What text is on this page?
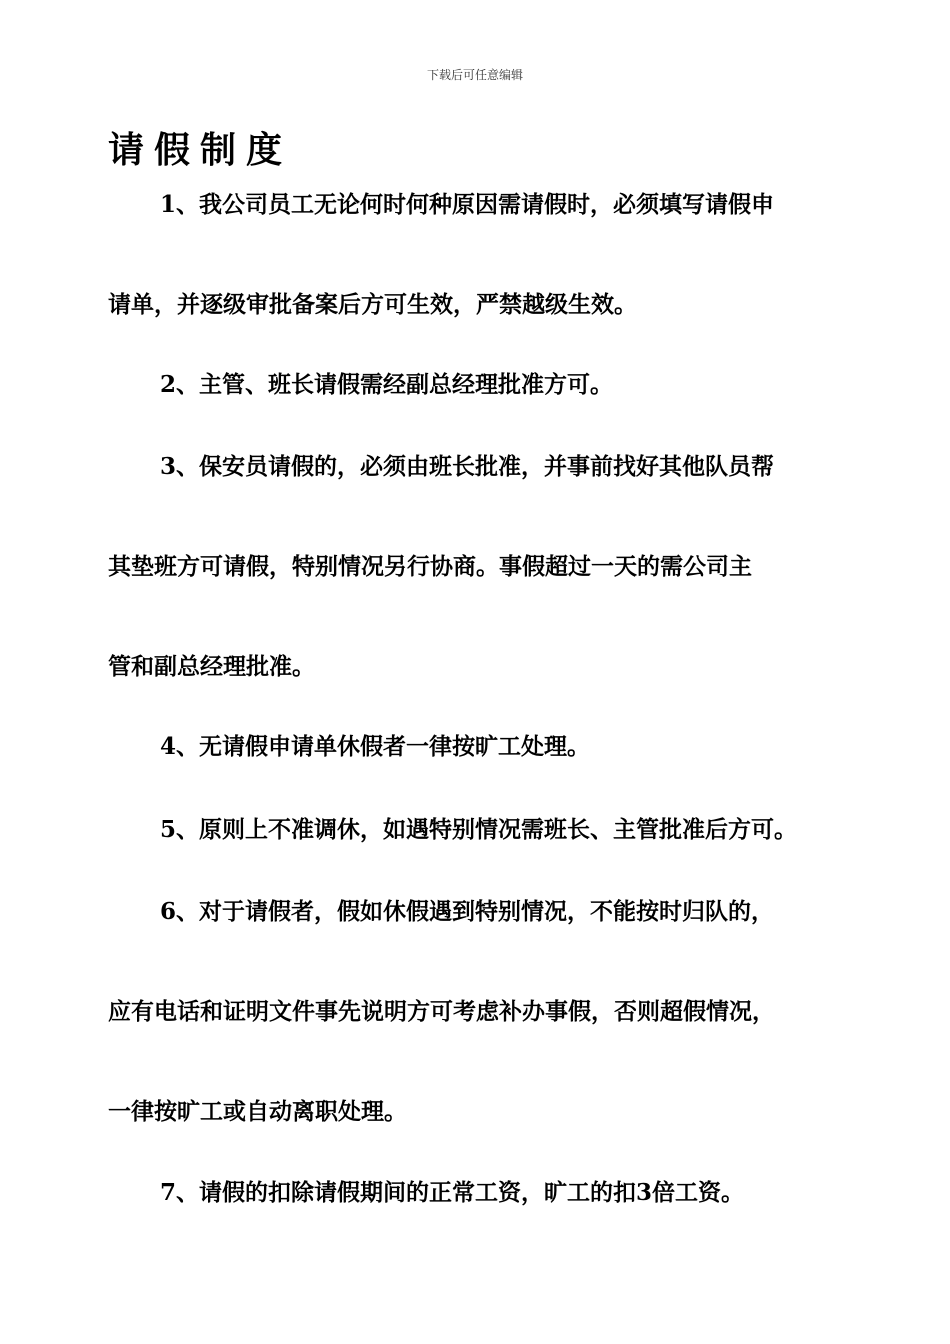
下载后可任意编辑
请假制度
1、我公司员工无论何时何种原因需请假时，必须填写请假申
请单，并逐级审批备案后方可生效，严禁越级生效。
2、主管、班长请假需经副总经理批准方可。
3、保安员请假的，必须由班长批准，并事前找好其他队员帮
其垫班方可请假，特别情况另行协商。事假超过一天的需公司主
管和副总经理批准。
4、无请假申请单休假者一律按旷工处理。
5、原则上不准调休，如遇特别情况需班长、主管批准后方可。
6、对于请假者，假如休假遇到特别情况，不能按时归队的，
应有电话和证明文件事先说明方可考虑补办事假，否则超假情况，
一律按旷工或自动离职处理。
7、请假的扣除请假期间的正常工资，旷工的扣3倍工资。
